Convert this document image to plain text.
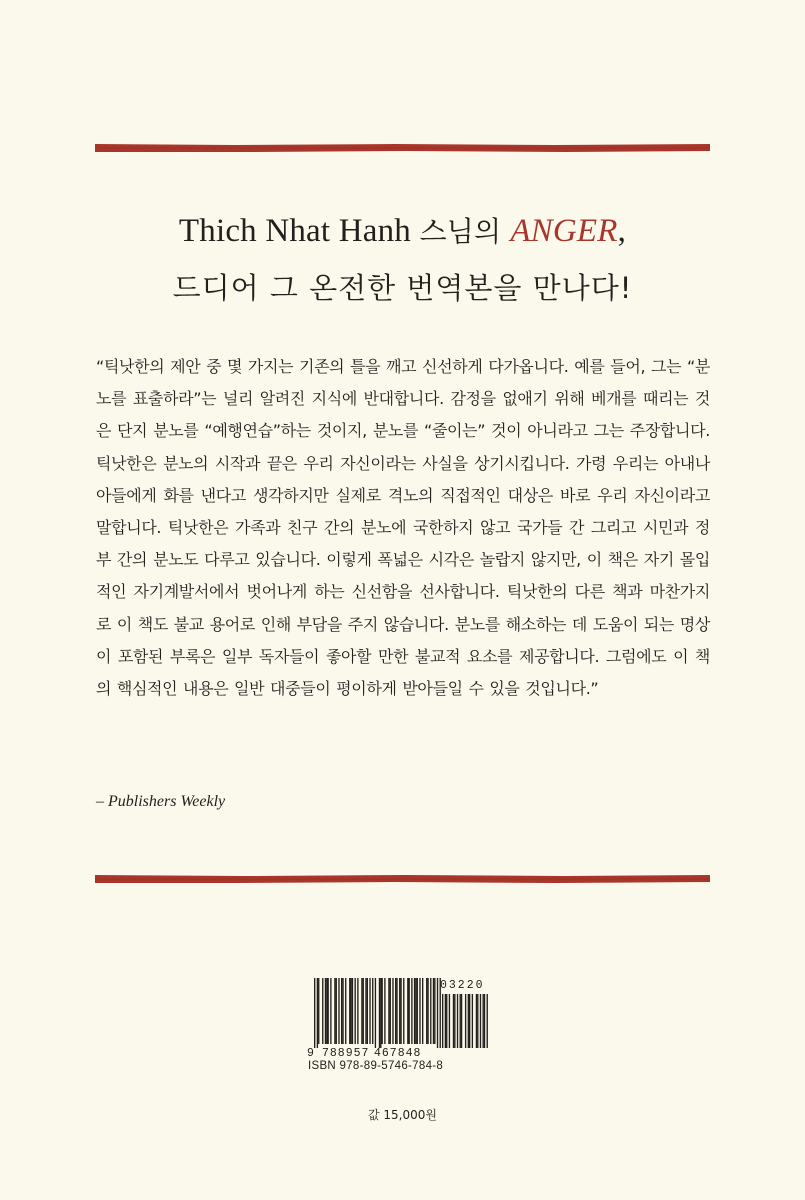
Thich Nhat Hanh 스님의 ANGER,
드디어 그 온전한 번역본을 만나다!

“틱낫한의 제안 중 몇 가지는 기존의 틀을 깨고 신선하게 다가옵니다. 예를 들어, 그는 “분노를 표출하라”는 널리 알려진 지식에 반대합니다. 감정을 없애기 위해 베개를 때리는 것은 단지 분노를 “예행연습”하는 것이지, 분노를 “줄이는” 것이 아니라고 그는 주장합니다. 틱낫한은 분노의 시작과 끝은 우리 자신이라는 사실을 상기시킵니다. 가령 우리는 아내나 아들에게 화를 낸다고 생각하지만 실제로 격노의 직접적인 대상은 바로 우리 자신이라고 말합니다. 틱낫한은 가족과 친구 간의 분노에 국한하지 않고 국가들 간 그리고 시민과 정부 간의 분노도 다루고 있습니다. 이렇게 폭넓은 시각은 놀랍지 않지만, 이 책은 자기 몰입적인 자기계발서에서 벗어나게 하는 신선함을 선사합니다. 틱낫한의 다른 책과 마찬가지로 이 책도 불교 용어로 인해 부담을 주지 않습니다. 분노를 해소하는 데 도움이 되는 명상이 포함된 부록은 일부 독자들이 좋아할 만한 불교적 요소를 제공합니다. 그럼에도 이 책의 핵심적인 내용은 일반 대중들이 평이하게 받아들일 수 있을 것입니다.”

– Publishers Weekly
03220
9 788957 467848
ISBN 978-89-5746-784-8
값 15,000원
